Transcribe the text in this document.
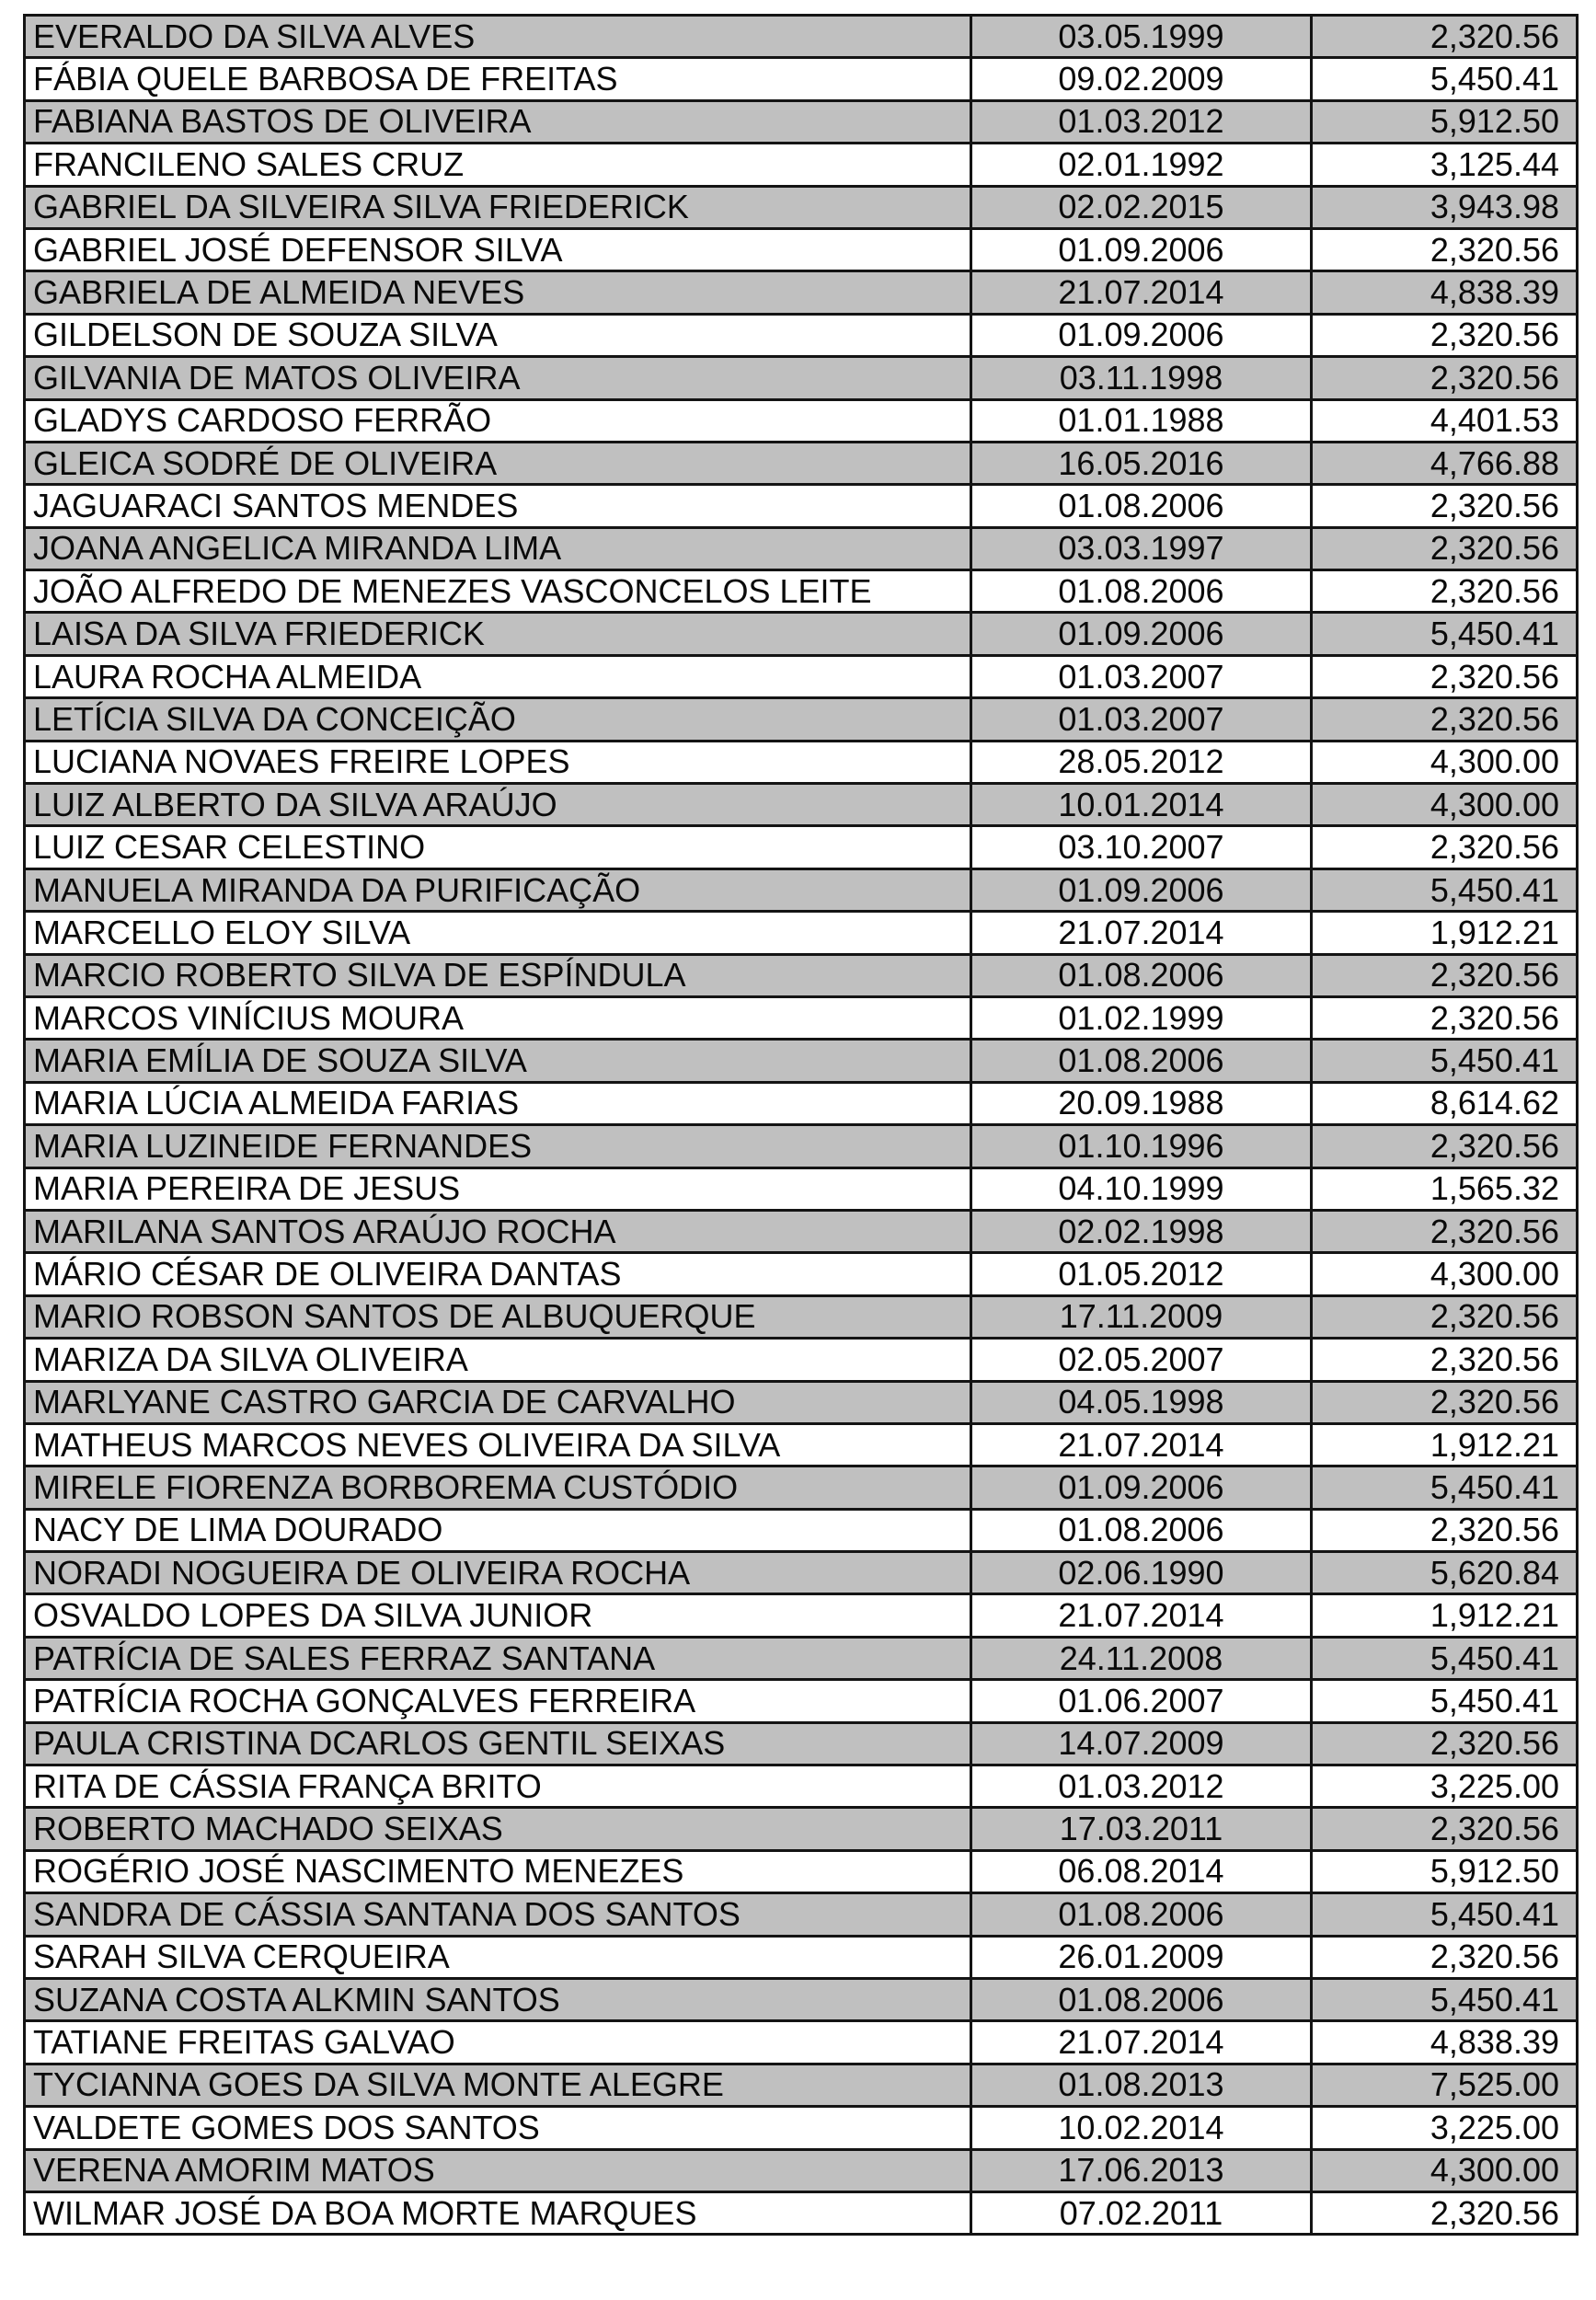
EVERALDO DA SILVA ALVES	03.05.1999	2,320.56
FÁBIA QUELE BARBOSA DE FREITAS	09.02.2009	5,450.41
FABIANA BASTOS DE OLIVEIRA	01.03.2012	5,912.50
FRANCILENO SALES CRUZ	02.01.1992	3,125.44
GABRIEL DA SILVEIRA SILVA FRIEDERICK	02.02.2015	3,943.98
GABRIEL JOSÉ DEFENSOR SILVA	01.09.2006	2,320.56
GABRIELA DE ALMEIDA NEVES	21.07.2014	4,838.39
GILDELSON DE SOUZA SILVA	01.09.2006	2,320.56
GILVANIA DE MATOS OLIVEIRA	03.11.1998	2,320.56
GLADYS CARDOSO FERRÃO	01.01.1988	4,401.53
GLEICA SODRÉ DE OLIVEIRA	16.05.2016	4,766.88
JAGUARACI SANTOS MENDES	01.08.2006	2,320.56
JOANA ANGELICA MIRANDA LIMA	03.03.1997	2,320.56
JOÃO ALFREDO DE MENEZES VASCONCELOS LEITE	01.08.2006	2,320.56
LAISA DA SILVA FRIEDERICK	01.09.2006	5,450.41
LAURA ROCHA ALMEIDA	01.03.2007	2,320.56
LETÍCIA SILVA DA CONCEIÇÃO	01.03.2007	2,320.56
LUCIANA NOVAES FREIRE LOPES	28.05.2012	4,300.00
LUIZ ALBERTO DA SILVA ARAÚJO	10.01.2014	4,300.00
LUIZ CESAR CELESTINO	03.10.2007	2,320.56
MANUELA MIRANDA DA PURIFICAÇÃO	01.09.2006	5,450.41
MARCELLO ELOY SILVA	21.07.2014	1,912.21
MARCIO ROBERTO SILVA DE ESPÍNDULA	01.08.2006	2,320.56
MARCOS VINÍCIUS MOURA	01.02.1999	2,320.56
MARIA EMÍLIA DE SOUZA SILVA	01.08.2006	5,450.41
MARIA LÚCIA ALMEIDA FARIAS	20.09.1988	8,614.62
MARIA LUZINEIDE FERNANDES	01.10.1996	2,320.56
MARIA PEREIRA DE JESUS	04.10.1999	1,565.32
MARILANA SANTOS ARAÚJO ROCHA	02.02.1998	2,320.56
MÁRIO CÉSAR DE OLIVEIRA DANTAS	01.05.2012	4,300.00
MARIO ROBSON SANTOS DE ALBUQUERQUE	17.11.2009	2,320.56
MARIZA DA SILVA OLIVEIRA	02.05.2007	2,320.56
MARLYANE CASTRO GARCIA DE CARVALHO	04.05.1998	2,320.56
MATHEUS MARCOS NEVES OLIVEIRA DA SILVA	21.07.2014	1,912.21
MIRELE FIORENZA BORBOREMA CUSTÓDIO	01.09.2006	5,450.41
NACY DE LIMA DOURADO	01.08.2006	2,320.56
NORADI NOGUEIRA DE OLIVEIRA ROCHA	02.06.1990	5,620.84
OSVALDO LOPES DA SILVA JUNIOR	21.07.2014	1,912.21
PATRÍCIA DE SALES FERRAZ SANTANA	24.11.2008	5,450.41
PATRÍCIA ROCHA GONÇALVES FERREIRA	01.06.2007	5,450.41
PAULA CRISTINA DCARLOS GENTIL SEIXAS	14.07.2009	2,320.56
RITA DE CÁSSIA FRANÇA BRITO	01.03.2012	3,225.00
ROBERTO MACHADO SEIXAS	17.03.2011	2,320.56
ROGÉRIO JOSÉ NASCIMENTO MENEZES	06.08.2014	5,912.50
SANDRA DE CÁSSIA SANTANA DOS SANTOS	01.08.2006	5,450.41
SARAH SILVA CERQUEIRA	26.01.2009	2,320.56
SUZANA COSTA ALKMIN SANTOS	01.08.2006	5,450.41
TATIANE FREITAS GALVAO	21.07.2014	4,838.39
TYCIANNA GOES DA SILVA MONTE ALEGRE	01.08.2013	7,525.00
VALDETE GOMES DOS SANTOS	10.02.2014	3,225.00
VERENA AMORIM MATOS	17.06.2013	4,300.00
WILMAR JOSÉ DA BOA MORTE MARQUES	07.02.2011	2,320.56
